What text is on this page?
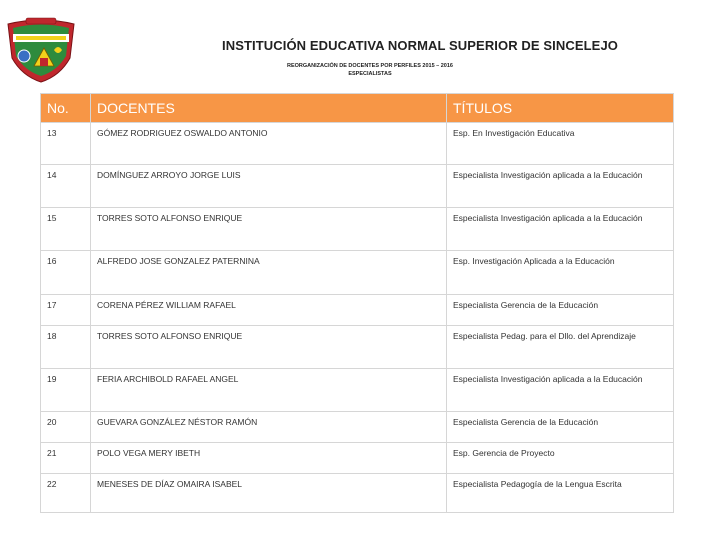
INSTITUCIÓN EDUCATIVA NORMAL SUPERIOR DE SINCELEJO
REORGANIZACIÓN DE DOCENTES POR PERFILES 2015 – 2016
ESPECIALISTAS
No.	DOCENTES	TÍTULOS
13	GÓMEZ RODRIGUEZ OSWALDO ANTONIO	Esp. En Investigación Educativa
14	DOMÍNGUEZ ARROYO JORGE LUIS	Especialista Investigación aplicada a la Educación
15	TORRES SOTO ALFONSO ENRIQUE	Especialista Investigación aplicada a la Educación
16	ALFREDO JOSE GONZALEZ PATERNINA	Esp. Investigación Aplicada a la Educación
17	CORENA PÉREZ WILLIAM RAFAEL	Especialista Gerencia de la Educación
18	TORRES SOTO ALFONSO ENRIQUE	Especialista Pedag. para el Dllo. del Aprendizaje
19	FERIA ARCHIBOLD RAFAEL ANGEL	Especialista Investigación aplicada a la Educación
20	GUEVARA GONZÁLEZ NÉSTOR RAMÓN	Especialista Gerencia de la Educación
21	POLO VEGA MERY IBETH	Esp. Gerencia de Proyecto
22	MENESES DE DÍAZ OMAIRA ISABEL	Especialista Pedagogía de la Lengua Escrita
